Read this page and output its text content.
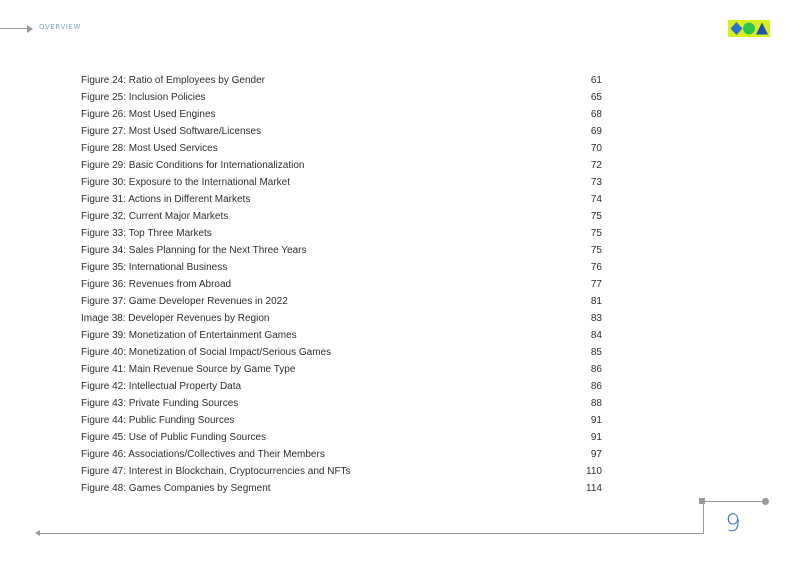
OVERVIEW
Figure 24: Ratio of Employees by Gender	61
Figure 25: Inclusion Policies	65
Figure 26: Most Used Engines	68
Figure 27: Most Used Software/Licenses	69
Figure 28: Most Used Services	70
Figure 29: Basic Conditions for Internationalization	72
Figure 30: Exposure to the International Market	73
Figure 31: Actions in Different Markets	74
Figure 32: Current Major Markets	75
Figure 33: Top Three Markets	75
Figure 34: Sales Planning for the Next Three Years	75
Figure 35: International Business	76
Figure 36: Revenues from Abroad	77
Figure 37: Game Developer Revenues in 2022	81
Image 38: Developer Revenues by Region	83
Figure 39: Monetization of Entertainment Games	84
Figure 40: Monetization of Social Impact/Serious Games	85
Figure 41: Main Revenue Source by Game Type	86
Figure 42: Intellectual Property Data	86
Figure 43: Private Funding Sources	88
Figure 44: Public Funding Sources	91
Figure 45: Use of Public Funding Sources	91
Figure 46: Associations/Collectives and Their Members	97
Figure 47: Interest in Blockchain, Cryptocurrencies and NFTs	110
Figure 48: Games Companies by Segment	114
9
